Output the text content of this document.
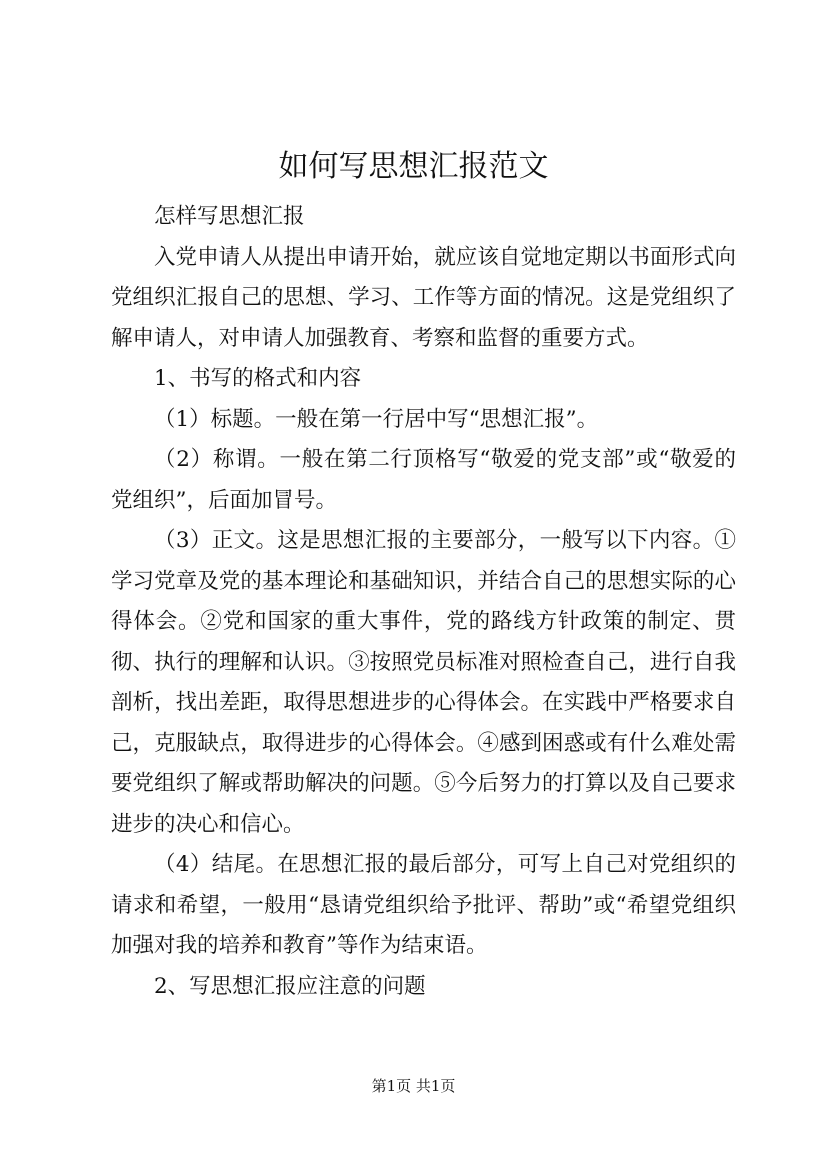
如何写思想汇报范文

怎样写思想汇报

入党申请人从提出申请开始，就应该自觉地定期以书面形式向党组织汇报自己的思想、学习、工作等方面的情况。这是党组织了解申请人，对申请人加强教育、考察和监督的重要方式。

1、书写的格式和内容

（1）标题。一般在第一行居中写“思想汇报”。

（2）称谓。一般在第二行顶格写“敬爱的党支部”或“敬爱的党组织”，后面加冒号。

（3）正文。这是思想汇报的主要部分，一般写以下内容。①学习党章及党的基本理论和基础知识，并结合自己的思想实际的心得体会。②党和国家的重大事件，党的路线方针政策的制定、贯彻、执行的理解和认识。③按照党员标准对照检查自己，进行自我剖析，找出差距，取得思想进步的心得体会。在实践中严格要求自己，克服缺点，取得进步的心得体会。④感到困惑或有什么难处需要党组织了解或帮助解决的问题。⑤今后努力的打算以及自己要求进步的决心和信心。

（4）结尾。在思想汇报的最后部分，可写上自己对党组织的请求和希望，一般用“恳请党组织给予批评、帮助”或“希望党组织加强对我的培养和教育”等作为结束语。

2、写思想汇报应注意的问题

第1页 共1页
